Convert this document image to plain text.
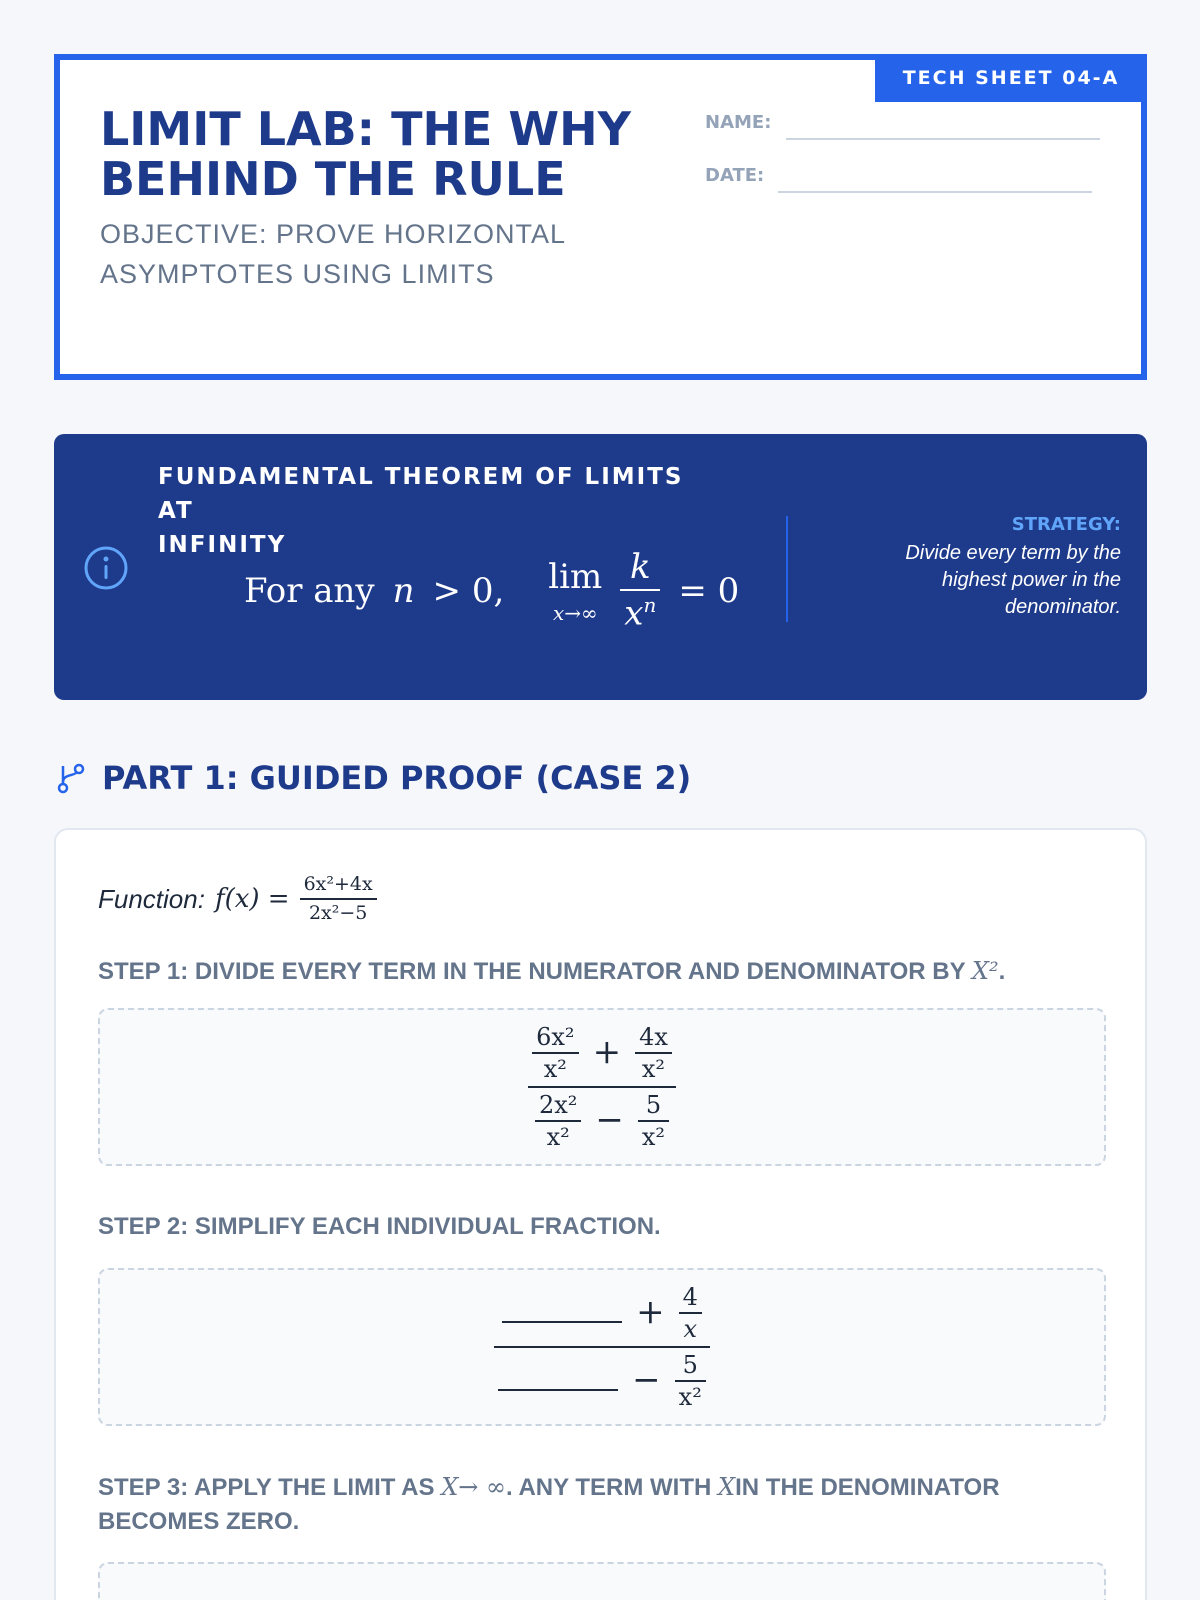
TECH SHEET 04-A
LIMIT LAB: THE WHY
BEHIND THE RULE
OBJECTIVE: PROVE HORIZONTAL
ASYMPTOTES USING LIMITS
NAME:
DATE:
FUNDAMENTAL THEOREM OF LIMITS AT
INFINITY
For any n > 0, lim
$x\to\infty \frac{k}{x^n} = 0$
STRATEGY:
Divide every term by the highest power in the denominator.
PART 1: GUIDED PROOF (CASE 2)
Function: $f(x) = \frac{\text{6x²+4x}}{\text{2x²−5}}$
STEP 1: DIVIDE EVERY TERM IN THE NUMERATOR AND DENOMINATOR BY X².
$\frac{\frac{\text{6x²}}{\text{x²}} + \frac{4x}{\text{x²}}}{\frac{\text{2x²}}{\text{x²}} - \frac{5}{\text{x²}}}$
STEP 2: SIMPLIFY EACH INDIVIDUAL FRACTION.
$\frac{+ \frac{4}{x}}{- \frac{5}{\text{x²}}}$
STEP 3: APPLY THE LIMIT AS X→ ∞. ANY TERM WITH XIN THE DENOMINATOR BECOMES ZERO.
